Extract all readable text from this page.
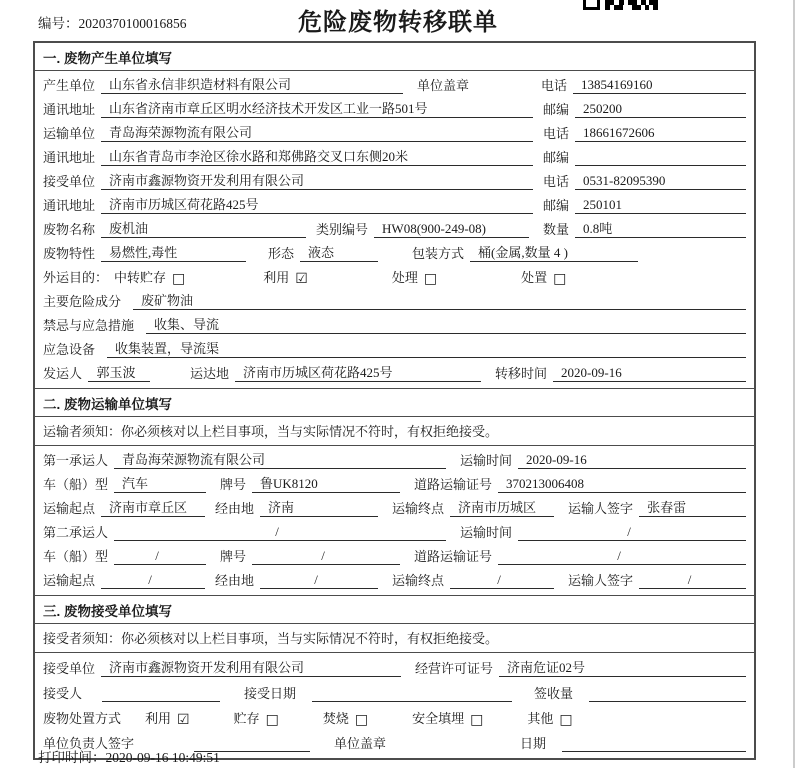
编号：2020370100016856	危险废物转移联单
一. 废物产生单位填写
产生单位	山东省永信非织造材料有限公司	单位盖章	电话	13854169160
通讯地址	山东省济南市章丘区明水经济技术开发区工业一路501号	邮编	250200
运输单位	青岛海荣源物流有限公司	电话	18661672606
通讯地址	山东省青岛市李沧区徐水路和郑佛路交叉口东侧20米	邮编
接受单位	济南市鑫源物资开发利用有限公司	电话	0531-82095390
通讯地址	济南市历城区荷花路425号	邮编	250101
废物名称	废机油	类别编号	HW08(900-249-08)	数量	0.8吨
废物特性	易燃性,毒性	形态	液态	包装方式	桶(金属,数量 4 )
外运目的： 中转贮存 □	利用 ☑	处理 □	处置 □
主要危险成分	废矿物油
禁忌与应急措施	收集、导流
应急设备	收集装置，导流渠
发运人	郭玉波	运达地	济南市历城区荷花路425号	转移时间	2020-09-16
二. 废物运输单位填写
运输者须知：你必须核对以上栏目事项，当与实际情况不符时，有权拒绝接受。
第一承运人	青岛海荣源物流有限公司	运输时间	2020-09-16
车（船）型	汽车	牌号	鲁UK8120	道路运输证号	370213006408
运输起点	济南市章丘区	经由地	济南	运输终点	济南市历城区	运输人签字	张春雷
第二承运人	/	运输时间	/
车（船）型	/	牌号	/	道路运输证号	/
运输起点	/	经由地	/	运输终点	/	运输人签字	/
三. 废物接受单位填写
接受者须知：你必须核对以上栏目事项，当与实际情况不符时，有权拒绝接受。
接受单位	济南市鑫源物资开发利用有限公司	经营许可证号	济南危证02号
接受人	接受日期	签收量
废物处置方式	利用 ☑	贮存 □	焚烧 □	安全填埋 □	其他 □
单位负责人签字	单位盖章	日期
打印时间：2020-09-16 10:49:51
